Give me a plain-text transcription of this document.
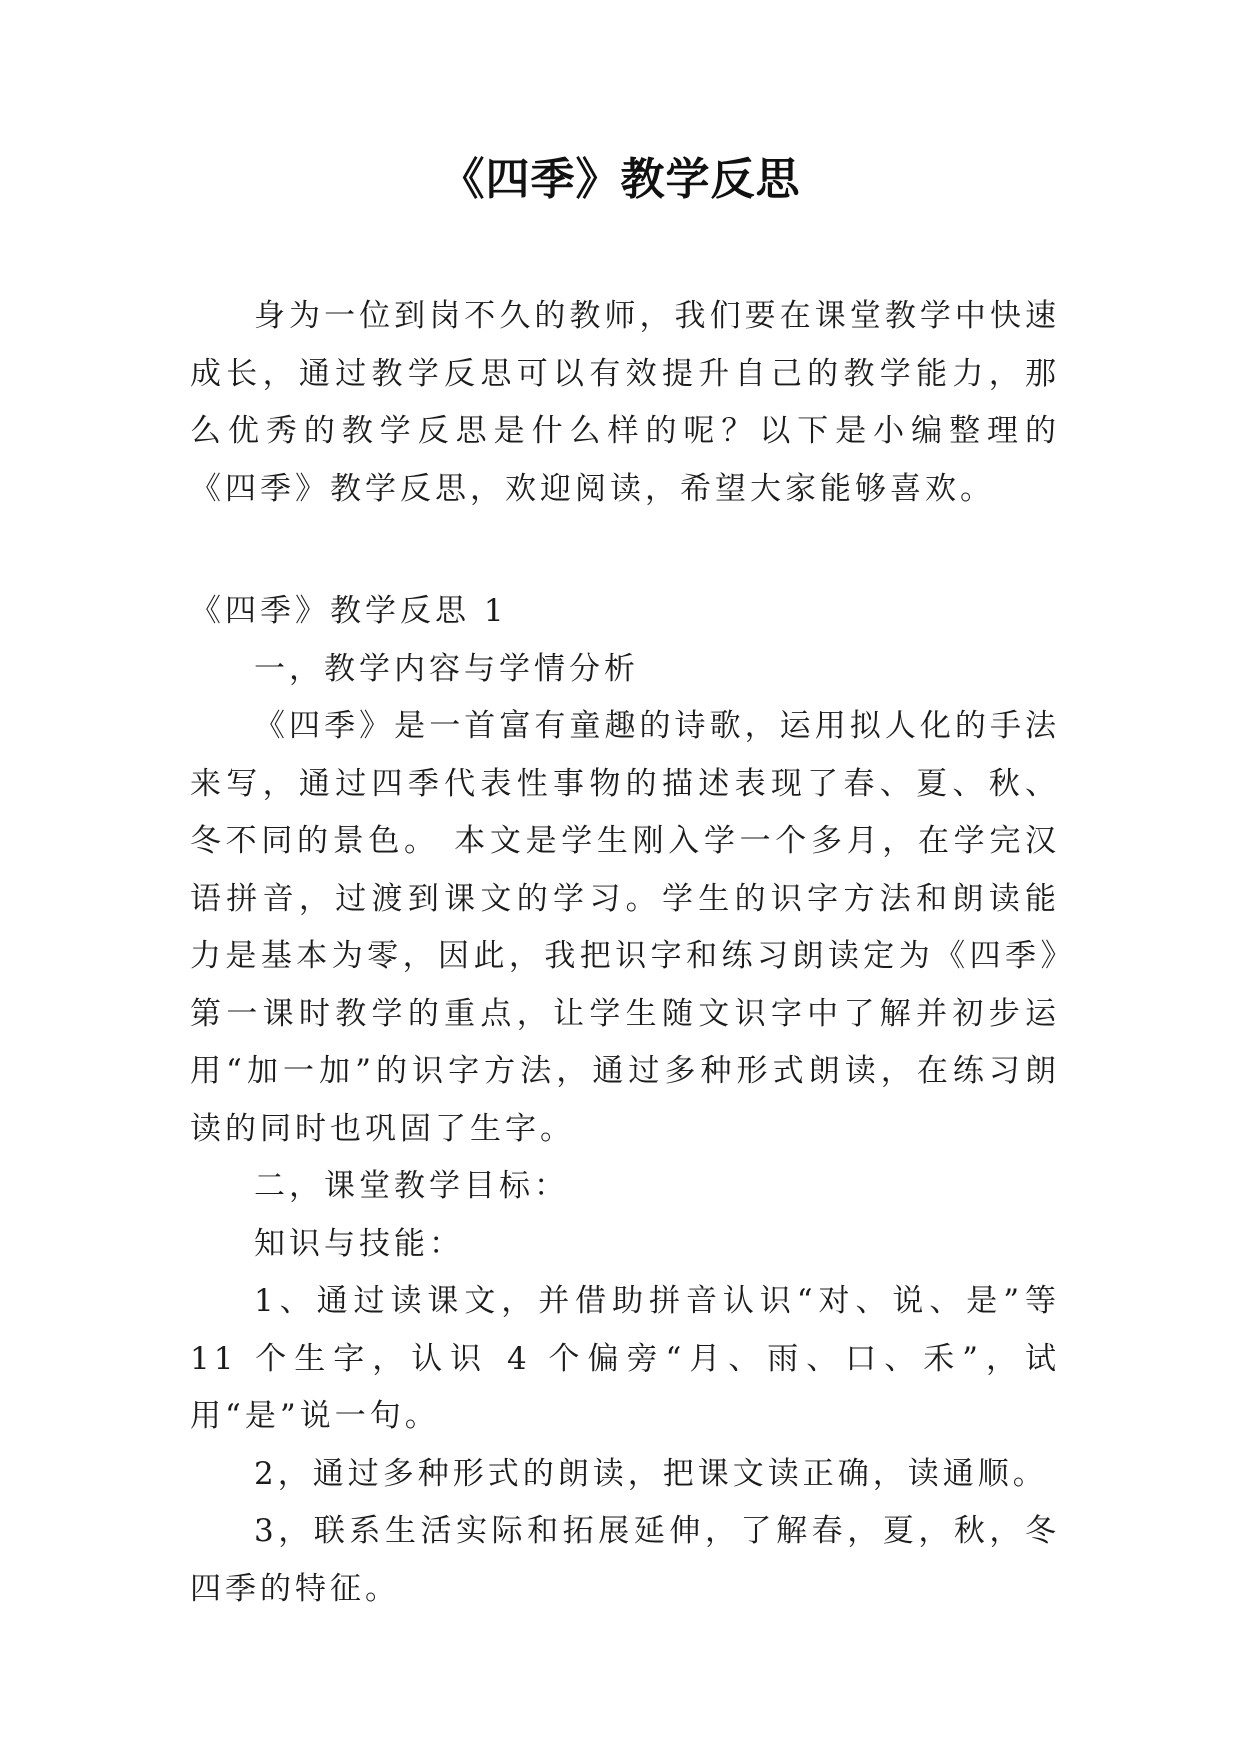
《四季》教学反思

身为一位到岗不久的教师，我们要在课堂教学中快速成长，通过教学反思可以有效提升自己的教学能力，那么优秀的教学反思是什么样的呢？以下是小编整理的《四季》教学反思，欢迎阅读，希望大家能够喜欢。

《四季》教学反思 1

一，教学内容与学情分析

《四季》是一首富有童趣的诗歌，运用拟人化的手法来写，通过四季代表性事物的描述表现了春、夏、秋、冬不同的景色。 本文是学生刚入学一个多月，在学完汉语拼音，过渡到课文的学习。学生的识字方法和朗读能力是基本为零，因此，我把识字和练习朗读定为《四季》第一课时教学的重点，让学生随文识字中了解并初步运用“加一加”的识字方法，通过多种形式朗读，在练习朗读的同时也巩固了生字。

二，课堂教学目标：

知识与技能：

1、通过读课文，并借助拼音认识“对、说、是”等 11 个生字，认识 4 个偏旁“月、雨、口、禾”，试用“是”说一句。

2，通过多种形式的朗读，把课文读正确，读通顺。

3，联系生活实际和拓展延伸，了解春，夏，秋，冬四季的特征。
